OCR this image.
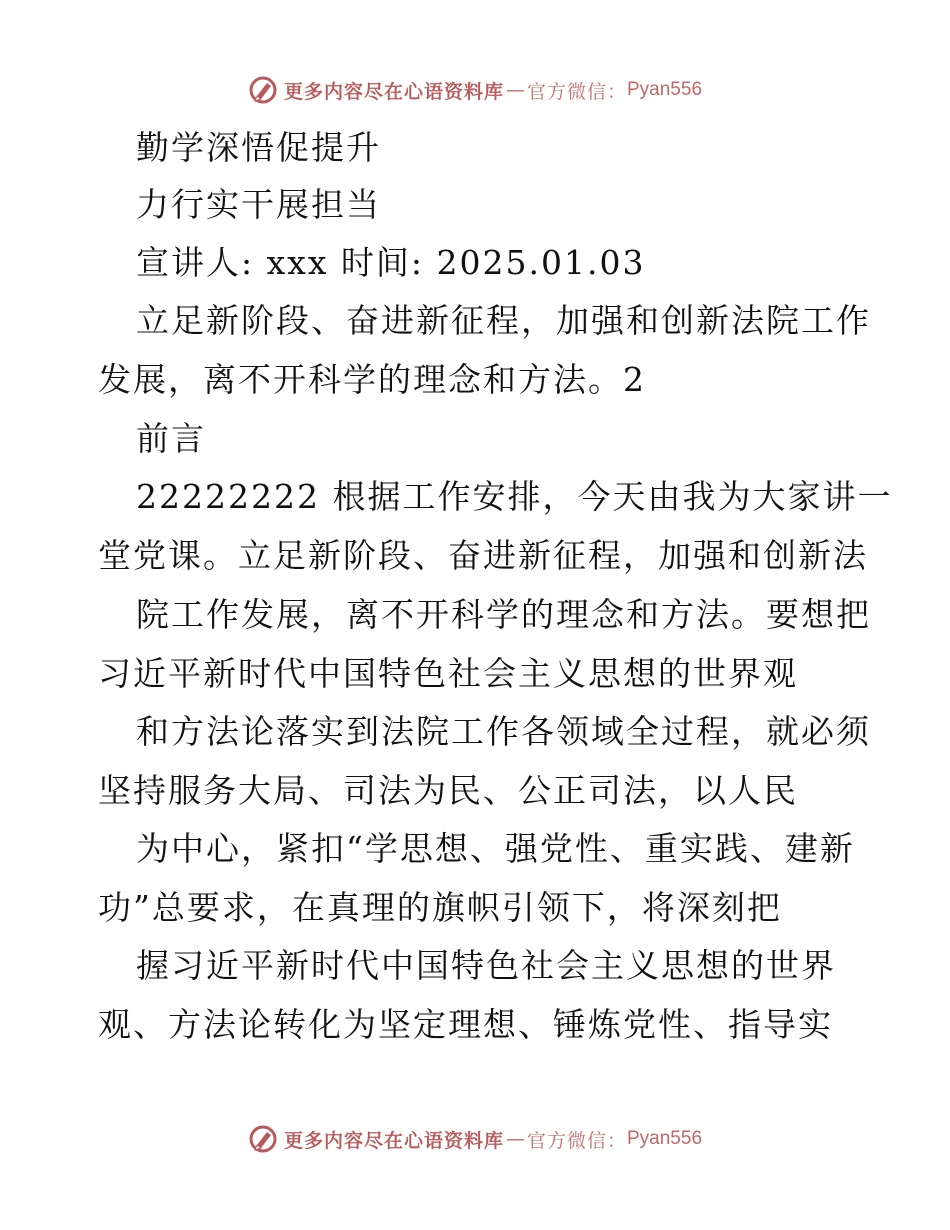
更多内容尽在心语资料库 — 官方微信： Pyan556
勤学深悟促提升
力行实干展担当
宣讲人: xxx 时间: 2025.01.03
立足新阶段、奋进新征程，加强和创新法院工作
发展，离不开科学的理念和方法。2
前言
22222222 根据工作安排，今天由我为大家讲一
堂党课。立足新阶段、奋进新征程，加强和创新法
院工作发展，离不开科学的理念和方法。要想把
习近平新时代中国特色社会主义思想的世界观
和方法论落实到法院工作各领域全过程，就必须
坚持服务大局、司法为民、公正司法，以人民
为中心，紧扣“学思想、强党性、重实践、建新
功”总要求，在真理的旗帜引领下，将深刻把
握习近平新时代中国特色社会主义思想的世界
观、方法论转化为坚定理想、锤炼党性、指导实
更多内容尽在心语资料库 — 官方微信： Pyan556
